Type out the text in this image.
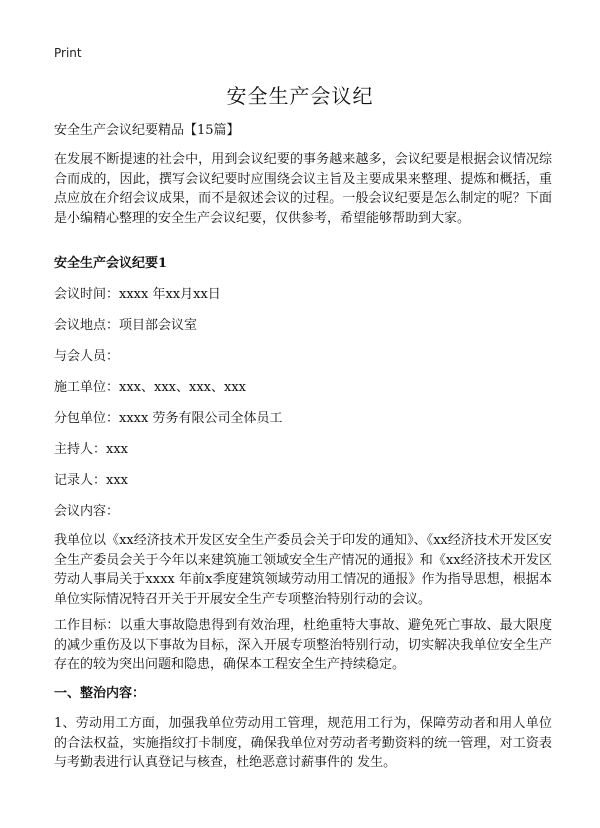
Print
安全生产会议纪
安全生产会议纪要精品【15篇】
在发展不断提速的社会中，用到会议纪要的事务越来越多，会议纪要是根据会议情况综合而成的，因此，撰写会议纪要时应围绕会议主旨及主要成果来整理、提炼和概括，重点应放在介绍会议成果，而不是叙述会议的过程。一般会议纪要是怎么制定的呢？下面是小编精心整理的安全生产会议纪要，仅供参考，希望能够帮助到大家。
安全生产会议纪要1
会议时间：xxxx 年xx月xx日
会议地点：项目部会议室
与会人员：
施工单位：xxx、xxx、xxx、xxx
分包单位：xxxx 劳务有限公司全体员工
主持人：xxx
记录人：xxx
会议内容：
我单位以《xx经济技术开发区安全生产委员会关于印发的通知》、《xx经济技术开发区安全生产委员会关于今年以来建筑施工领域安全生产情况的通报》和《xx经济技术开发区劳动人事局关于xxxx 年前x季度建筑领域劳动用工情况的通报》作为指导思想，根据本单位实际情况特召开关于开展安全生产专项整治特别行动的会议。
工作目标：以重大事故隐患得到有效治理，杜绝重特大事故、避免死亡事故、最大限度的减少重伤及以下事故为目标，深入开展专项整治特别行动，切实解决我单位安全生产存在的较为突出问题和隐患，确保本工程安全生产持续稳定。
一、整治内容：
1、劳动用工方面，加强我单位劳动用工管理，规范用工行为，保障劳动者和用人单位的合法权益，实施指纹打卡制度，确保我单位对劳动者考勤资料的统一管理，对工资表与考勤表进行认真登记与核查，杜绝恶意讨薪事件的 发生。
